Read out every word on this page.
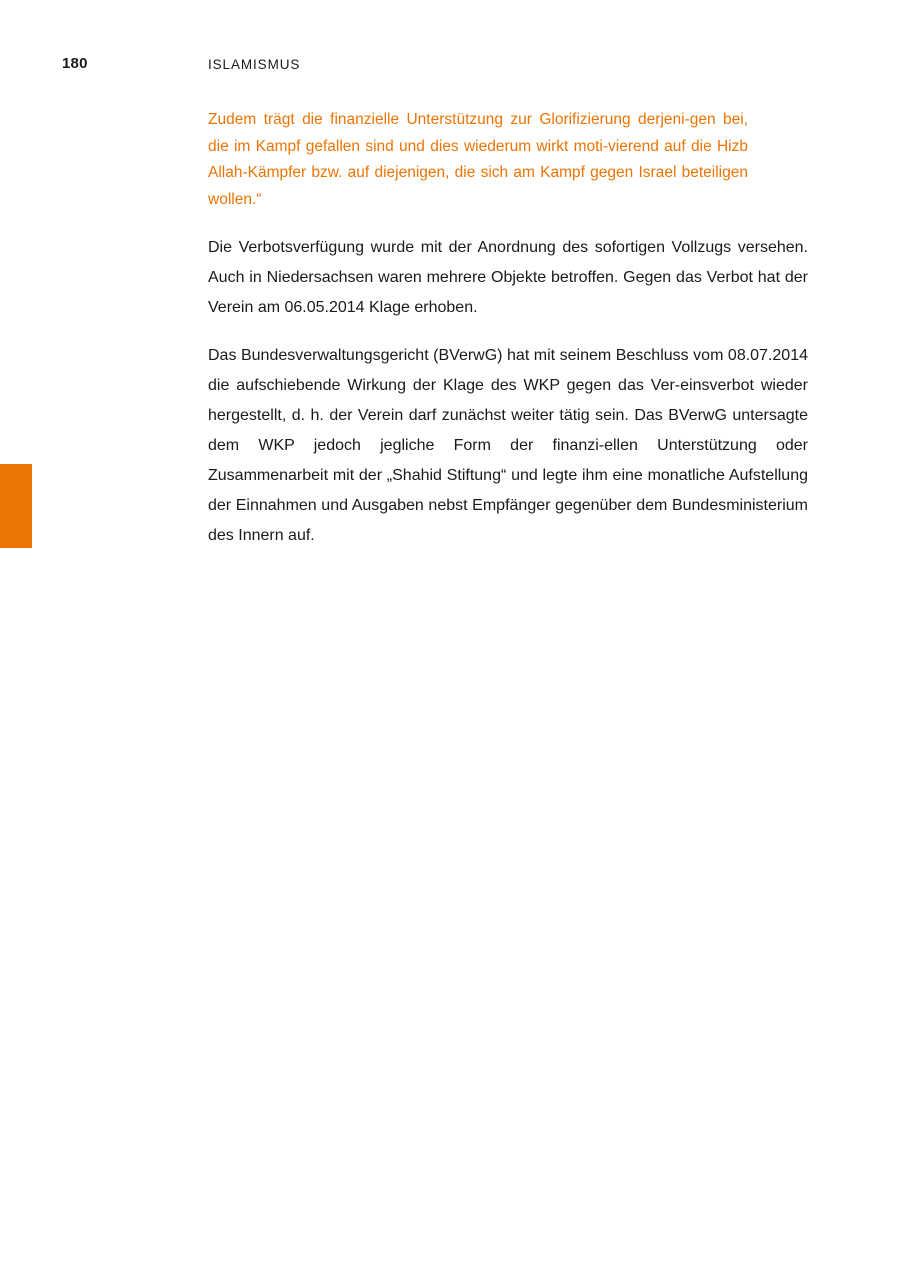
180	ISLAMISMUS

Zudem trägt die finanzielle Unterstützung zur Glorifizierung derjeni-gen bei, die im Kampf gefallen sind und dies wiederum wirkt moti-vierend auf die Hizb Allah-Kämpfer bzw. auf diejenigen, die sich am Kampf gegen Israel beteiligen wollen.“

Die Verbotsverfügung wurde mit der Anordnung des sofortigen Vollzugs versehen. Auch in Niedersachsen waren mehrere Objekte betroffen. Gegen das Verbot hat der Verein am 06.05.2014 Klage erhoben.

Das Bundesverwaltungsgericht (BVerwG) hat mit seinem Beschluss vom 08.07.2014 die aufschiebende Wirkung der Klage des WKP gegen das Ver-einsverbot wieder hergestellt, d. h. der Verein darf zunächst weiter tätig sein. Das BVerwG untersagte dem WKP jedoch jegliche Form der finanzi-ellen Unterstützung oder Zusammenarbeit mit der „Shahid Stiftung“ und legte ihm eine monatliche Aufstellung der Einnahmen und Ausgaben nebst Empfänger gegenüber dem Bundesministerium des Innern auf.
